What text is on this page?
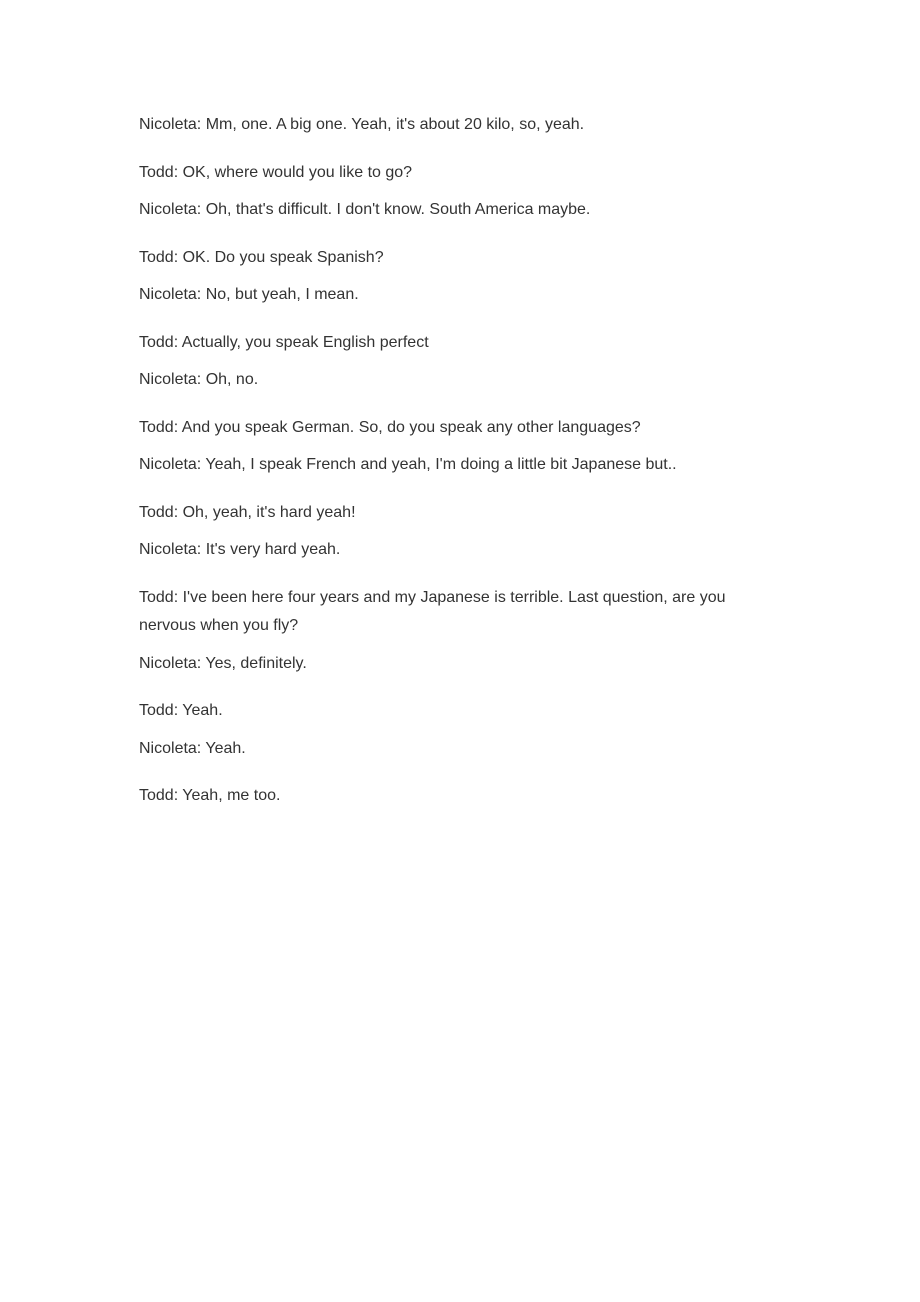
Nicoleta: Mm, one. A big one. Yeah, it's about 20 kilo, so, yeah.

Todd: OK, where would you like to go?

Nicoleta: Oh, that's difficult. I don't know. South America maybe.

Todd: OK. Do you speak Spanish?

Nicoleta: No, but yeah, I mean.

Todd: Actually, you speak English perfect

Nicoleta: Oh, no.

Todd: And you speak German. So, do you speak any other languages?

Nicoleta: Yeah, I speak French and yeah, I'm doing a little bit Japanese but..

Todd: Oh, yeah, it's hard yeah!

Nicoleta: It's very hard yeah.

Todd: I've been here four years and my Japanese is terrible. Last question, are you nervous when you fly?

Nicoleta: Yes, definitely.

Todd: Yeah.

Nicoleta: Yeah.

Todd: Yeah, me too.
